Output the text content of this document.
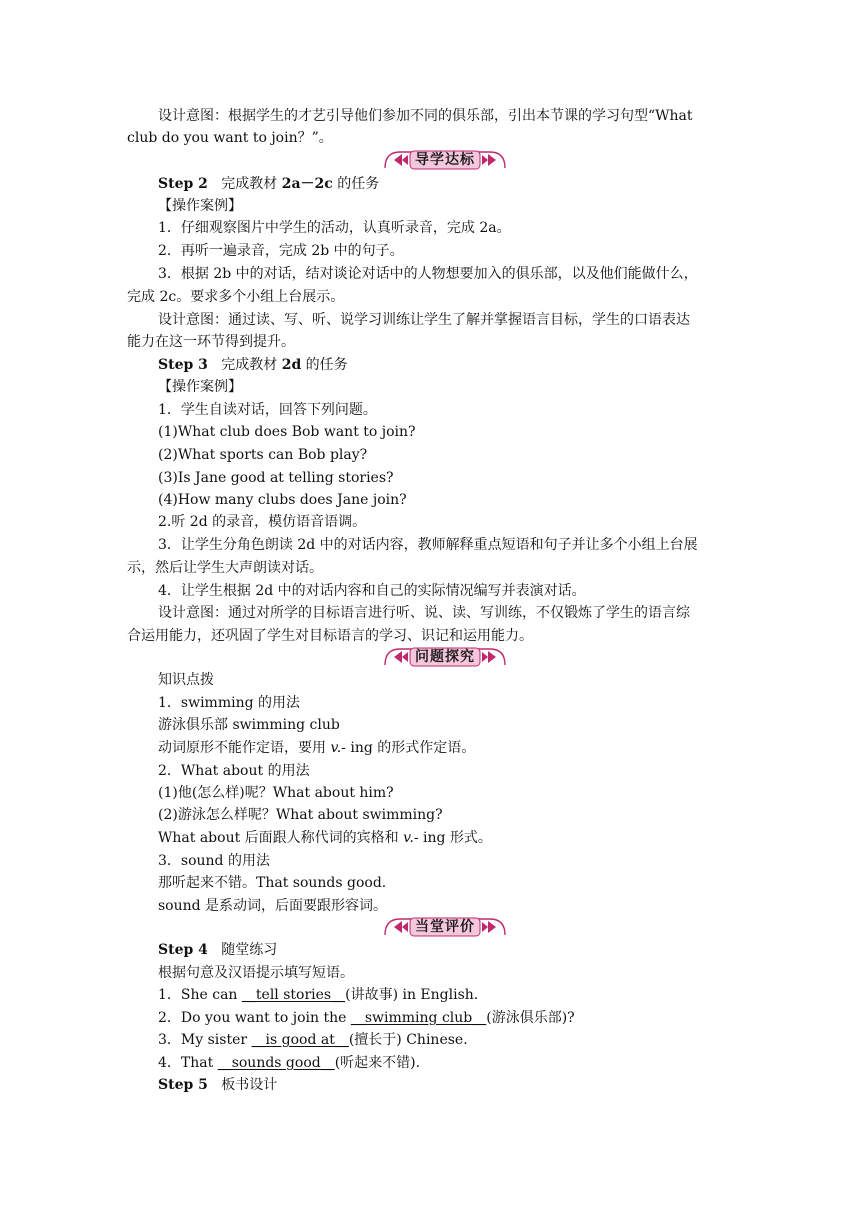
设计意图：根据学生的才艺引导他们参加不同的俱乐部，引出本节课的学习句型“What
club do you want to join？”。
导学达标
Step 2 完成教材 2a－2c 的任务
【操作案例】
1．仔细观察图片中学生的活动，认真听录音，完成 2a。
2．再听一遍录音，完成 2b 中的句子。
3．根据 2b 中的对话，结对谈论对话中的人物想要加入的俱乐部，以及他们能做什么，
完成 2c。要求多个小组上台展示。
设计意图：通过读、写、听、说学习训练让学生了解并掌握语言目标，学生的口语表达
能力在这一环节得到提升。
Step 3 完成教材 2d 的任务
【操作案例】
1．学生自读对话，回答下列问题。
(1)What club does Bob want to join?
(2)What sports can Bob play?
(3)Is Jane good at telling stories?
(4)How many clubs does Jane join?
2.听 2d 的录音，模仿语音语调。
3．让学生分角色朗读 2d 中的对话内容，教师解释重点短语和句子并让多个小组上台展
示，然后让学生大声朗读对话。
4．让学生根据 2d 中的对话内容和自己的实际情况编写并表演对话。
设计意图：通过对所学的目标语言进行听、说、读、写训练，不仅锻炼了学生的语言综
合运用能力，还巩固了学生对目标语言的学习、识记和运用能力。
问题探究
知识点拨
1．swimming 的用法
游泳俱乐部 swimming club
动词原形不能作定语，要用 v.- ing 的形式作定语。
2．What about 的用法
(1)他(怎么样)呢？What about him?
(2)游泳怎么样呢？What about swimming?
What about 后面跟人称代词的宾格和 v.- ing 形式。
3．sound 的用法
那听起来不错。That sounds good.
sound 是系动词，后面要跟形容词。
当堂评价
Step 4 随堂练习
根据句意及汉语提示填写短语。
1．She can __tell stories__(讲故事) in English.
2．Do you want to join the __swimming club__(游泳俱乐部)?
3．My sister __is good at__(擅长于) Chinese.
4．That __sounds good__(听起来不错).
Step 5 板书设计
